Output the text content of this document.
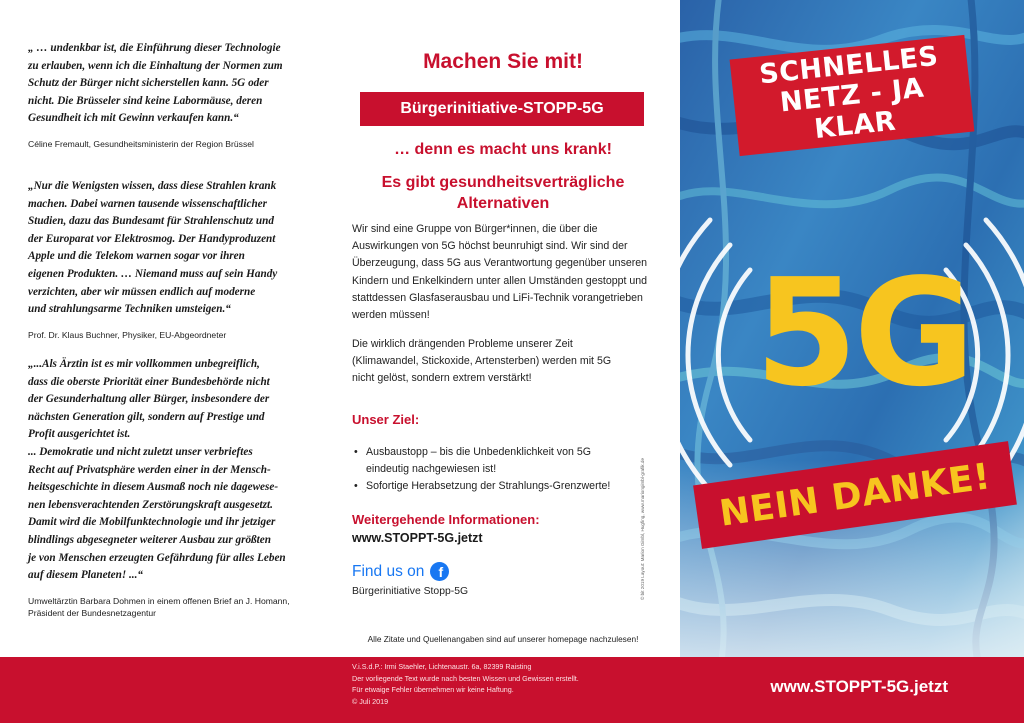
„ … undenkbar ist, die Einführung dieser Technologie
zu erlauben, wenn ich die Einhaltung der Normen zum
Schutz der Bürger nicht sicherstellen kann. 5G oder
nicht. Die Brüsseler sind keine Labormäuse, deren
Gesundheit ich mit Gewinn verkaufen kann.“

Céline Fremault, Gesundheitsministerin der Region Brüssel

„Nur die Wenigsten wissen, dass diese Strahlen krank
machen. Dabei warnen tausende wissenschaftlicher
Studien, dazu das Bundesamt für Strahlenschutz und
der Europarat vor Elektrosmog. Der Handyproduzent
Apple und die Telekom warnen sogar vor ihren
eigenen Produkten. … Niemand muss auf sein Handy
verzichten, aber wir müssen endlich auf moderne
und strahlungsarme Techniken umsteigen.“

Prof. Dr. Klaus Buchner, Physiker, EU-Abgeordneter

„...Als Ärztin ist es mir vollkommen unbegreiflich,
dass die oberste Priorität einer Bundesbehörde nicht
der Gesunderhaltung aller Bürger, insbesondere der
nächsten Generation gilt, sondern auf Prestige und
Profit ausgerichtet ist.
... Demokratie und nicht zuletzt unser verbrieftes
Recht auf Privatsphäre werden einer in der Mensch-
heitsgeschichte in diesem Ausmaß noch nie dagewese-
nen lebensverachtenden Zerstörungskraft ausgesetzt.
Damit wird die Mobilfunktechnologie und ihr jetziger
blindlings abgesegneter weiterer Ausbau zur größten
je von Menschen erzeugten Gefährdung für alles Leben
auf diesem Planeten! ...“

Umweltärztin Barbara Dohmen in einem offenen Brief an J. Homann,
Präsident der Bundesnetzagentur

Machen Sie mit!
Bürgerinitiative-STOPP-5G
… denn es macht uns krank!
Es gibt gesundheitsverträgliche
Alternativen

Wir sind eine Gruppe von Bürger*innen, die über die
Auswirkungen von 5G höchst beunruhigt sind. Wir sind der
Überzeugung, dass 5G aus Verantwortung gegenüber unseren
Kindern und Enkelkindern unter allen Umständen gestoppt und
stattdessen Glasfaserausbau und LiFi-Technik vorangetrieben
werden müssen!

Die wirklich drängenden Probleme unserer Zeit
(Klimawandel, Stickoxide, Artensterben) werden mit 5G
nicht gelöst, sondern extrem verstärkt!

Unser Ziel:
• Ausbaustopp – bis die Unbedenklichkeit von 5G
eindeutig nachgewiesen ist!
• Sofortige Herabsetzung der Strahlungs-Grenzwerte!
Weitergehende Informationen:
www.STOPPT-5G.jetzt
Find us on f
Bürgerinitiative Stopp-5G
Alle Zitate und Quellenangaben sind auf unserer homepage nachzulesen!
© bit 2019 Layout: Marion Gimbl, Hugfing, www.mariongimbl-grafik.de
SCHNELLES
NETZ - JA KLAR
5G
NEIN DANKE!
V.i.S.d.P.: Irmi Staehler, Lichtenaustr. 6a, 82399 Raisting
Der vorliegende Text wurde nach besten Wissen und Gewissen erstellt.
Für etwaige Fehler übernehmen wir keine Haftung.
© Juli 2019
www.STOPPT-5G.jetzt
